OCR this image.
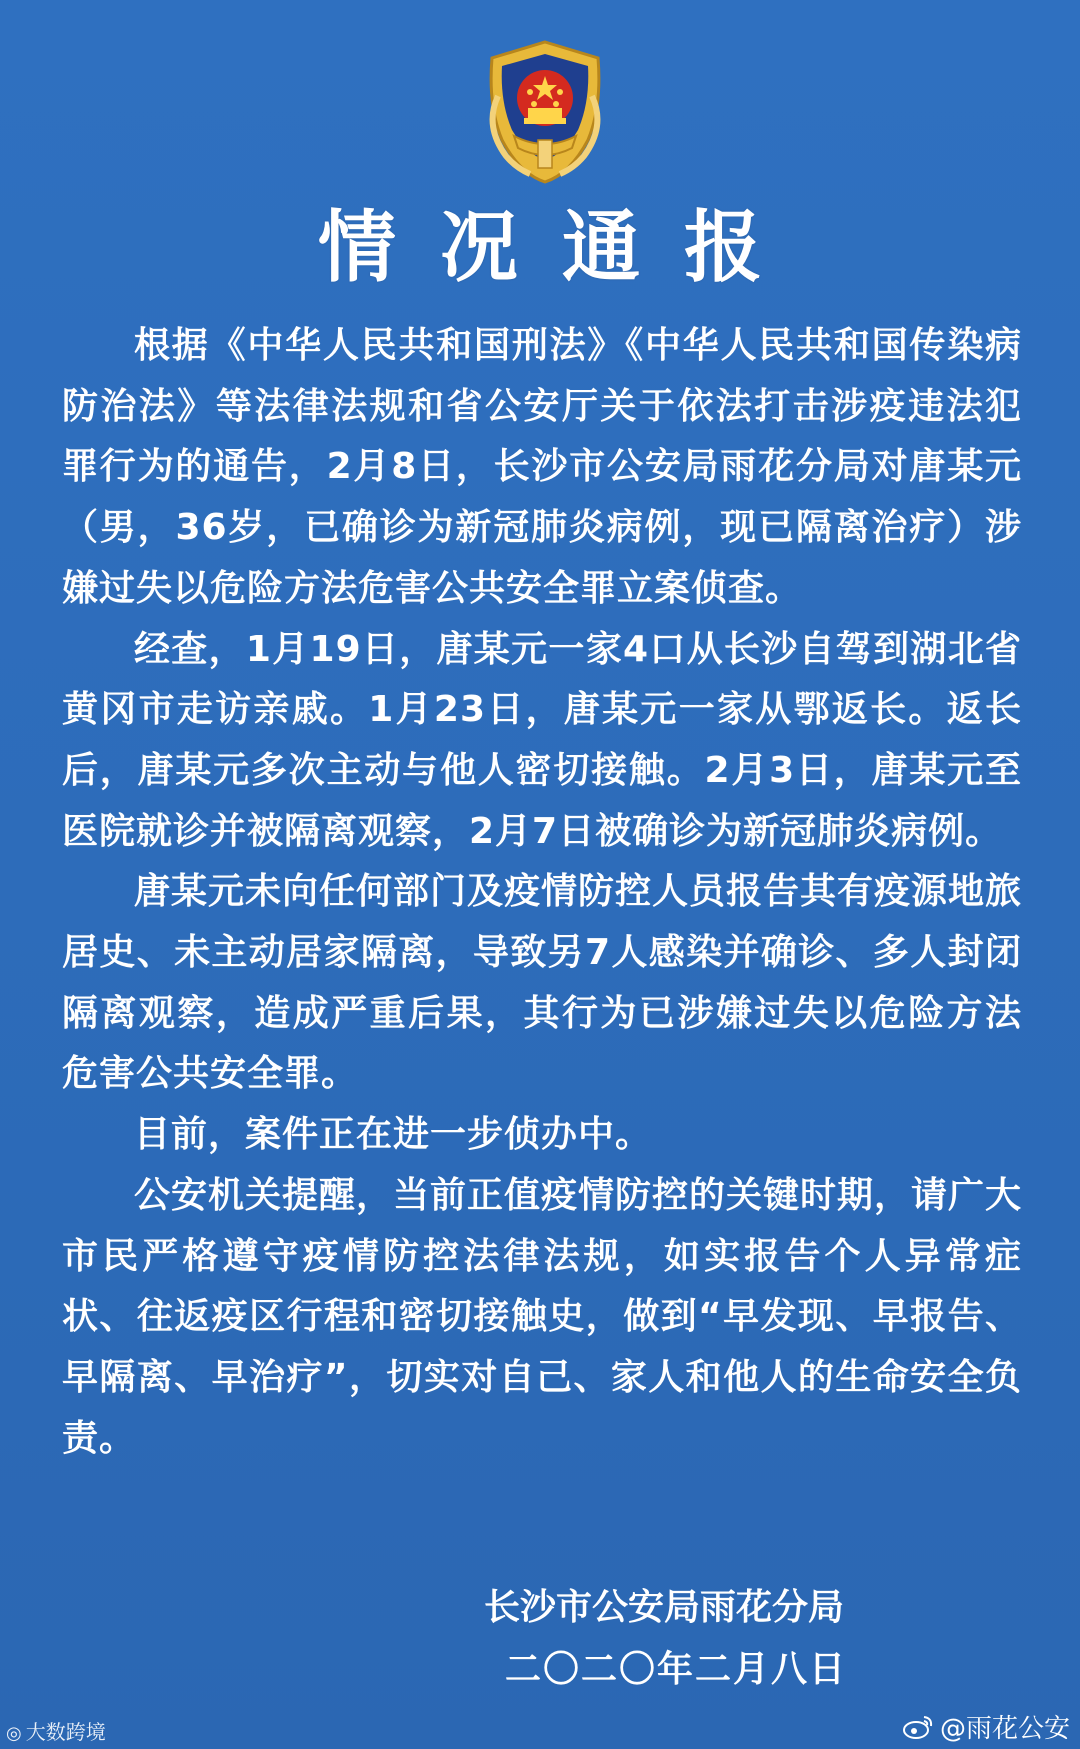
情况通报

根据《中华人民共和国刑法》《中华人民共和国传染病防治法》等法律法规和省公安厅关于依法打击涉疫违法犯罪行为的通告，2月8日，长沙市公安局雨花分局对唐某元（男，36岁，已确诊为新冠肺炎病例，现已隔离治疗）涉嫌过失以危险方法危害公共安全罪立案侦查。

经查，1月19日，唐某元一家4口从长沙自驾到湖北省黄冈市走访亲戚。1月23日，唐某元一家从鄂返长。返长后，唐某元多次主动与他人密切接触。2月3日，唐某元至医院就诊并被隔离观察，2月7日被确诊为新冠肺炎病例。

唐某元未向任何部门及疫情防控人员报告其有疫源地旅居史、未主动居家隔离，导致另7人感染并确诊、多人封闭隔离观察，造成严重后果，其行为已涉嫌过失以危险方法危害公共安全罪。

目前，案件正在进一步侦办中。

公安机关提醒，当前正值疫情防控的关键时期，请广大市民严格遵守疫情防控法律法规，如实报告个人异常症状、往返疫区行程和密切接触史，做到“早发现、早报告、早隔离、早治疗”，切实对自己、家人和他人的生命安全负责。

长沙市公安局雨花分局
二〇二〇年二月八日
◎ 大数跨境	@雨花公安
